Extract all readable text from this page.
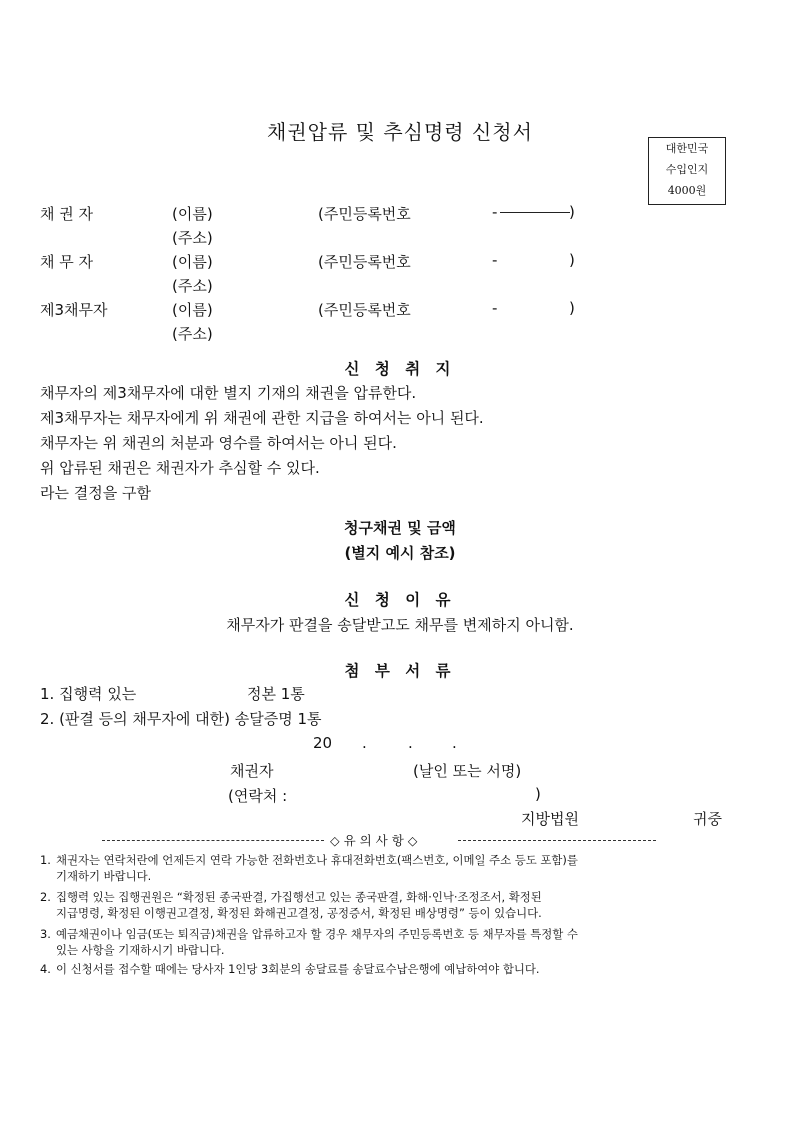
채권압류 및 추심명령 신청서
대한민국
수입인지
4000원
채 권 자	(이름)	(주민등록번호	-	)
(주소)
채 무 자	(이름)	(주민등록번호	-	)
(주소)
제3채무자	(이름)	(주민등록번호	-	)
(주소)
신 청 취 지
채무자의 제3채무자에 대한 별지 기재의 채권을 압류한다.
제3채무자는 채무자에게 위 채권에 관한 지급을 하여서는 아니 된다.
채무자는 위 채권의 처분과 영수를 하여서는 아니 된다.
위 압류된 채권은 채권자가 추심할 수 있다.
라는 결정을 구함
청구채권 및 금액
(별지 예시 참조)
신 청 이 유
채무자가 판결을 송달받고도 채무를 변제하지 아니함.
첨 부 서 류
1. 집행력 있는	정본 1통
2. (판결 등의 채무자에 대한) 송달증명 1통
20 .	.	.
채권자	(날인 또는 서명)
(연락처 :	)
지방법원	귀중
◇ 유 의 사 항 ◇
1. 채권자는 연락처란에 언제든지 연락 가능한 전화번호나 휴대전화번호(팩스번호, 이메일 주소 등도 포함)를
기재하기 바랍니다.
2. 집행력 있는 집행권원은 “확정된 종국판결, 가집행선고 있는 종국판결, 화해·인낙·조정조서, 확정된
지급명령, 확정된 이행권고결정, 확정된 화해권고결정, 공정증서, 확정된 배상명령” 등이 있습니다.
3. 예금채권이나 임금(또는 퇴직금)채권을 압류하고자 할 경우 채무자의 주민등록번호 등 채무자를 특정할 수
있는 사항을 기재하시기 바랍니다.
4. 이 신청서를 접수할 때에는 당사자 1인당 3회분의 송달료를 송달료수납은행에 예납하여야 합니다.
